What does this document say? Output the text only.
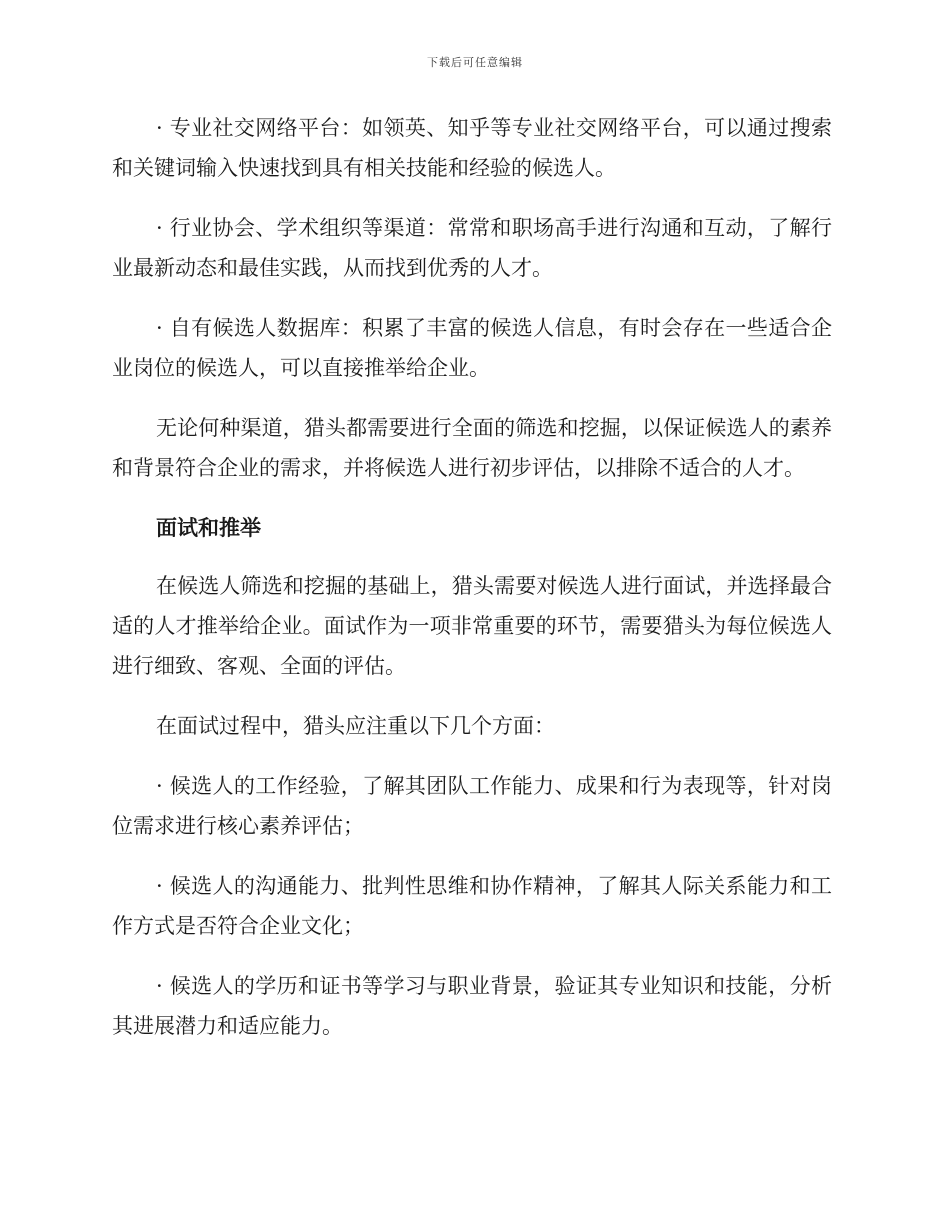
下载后可任意编辑

· 专业社交网络平台：如领英、知乎等专业社交网络平台，可以通过搜索和关键词输入快速找到具有相关技能和经验的候选人。

· 行业协会、学术组织等渠道：常常和职场高手进行沟通和互动，了解行业最新动态和最佳实践，从而找到优秀的人才。

· 自有候选人数据库：积累了丰富的候选人信息，有时会存在一些适合企业岗位的候选人，可以直接推举给企业。

无论何种渠道，猎头都需要进行全面的筛选和挖掘，以保证候选人的素养和背景符合企业的需求，并将候选人进行初步评估，以排除不适合的人才。

面试和推举

在候选人筛选和挖掘的基础上，猎头需要对候选人进行面试，并选择最合适的人才推举给企业。面试作为一项非常重要的环节，需要猎头为每位候选人进行细致、客观、全面的评估。

在面试过程中，猎头应注重以下几个方面：

· 候选人的工作经验，了解其团队工作能力、成果和行为表现等，针对岗位需求进行核心素养评估；

· 候选人的沟通能力、批判性思维和协作精神，了解其人际关系能力和工作方式是否符合企业文化；

· 候选人的学历和证书等学习与职业背景，验证其专业知识和技能，分析其进展潜力和适应能力。
